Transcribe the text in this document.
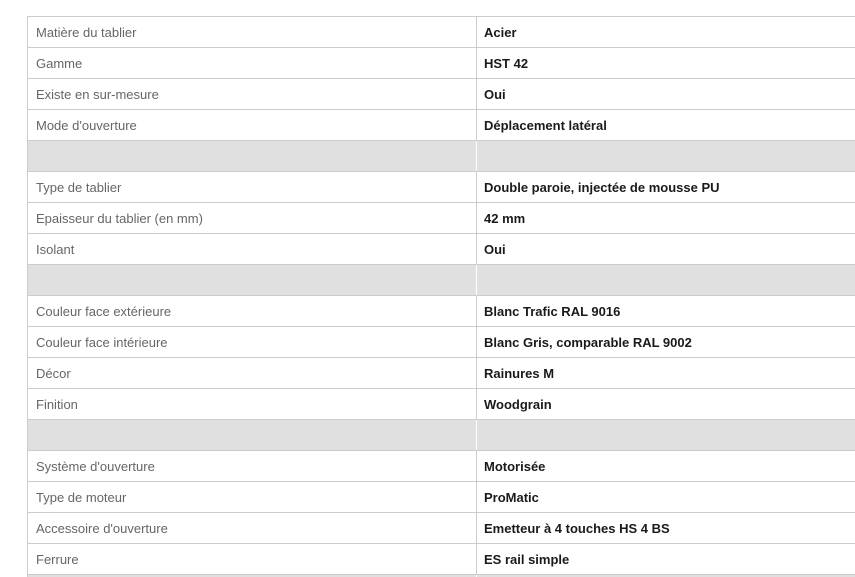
Matière du tablier	Acier
Gamme	HST 42
Existe en sur-mesure	Oui
Mode d'ouverture	Déplacement latéral

Type de tablier	Double paroie, injectée de mousse PU
Epaisseur du tablier (en mm)	42 mm
Isolant	Oui

Couleur face extérieure	Blanc Trafic RAL 9016
Couleur face intérieure	Blanc Gris, comparable RAL 9002
Décor	Rainures M
Finition	Woodgrain

Système d'ouverture	Motorisée
Type de moteur	ProMatic
Accessoire d'ouverture	Emetteur à 4 touches HS 4 BS
Ferrure	ES rail simple
